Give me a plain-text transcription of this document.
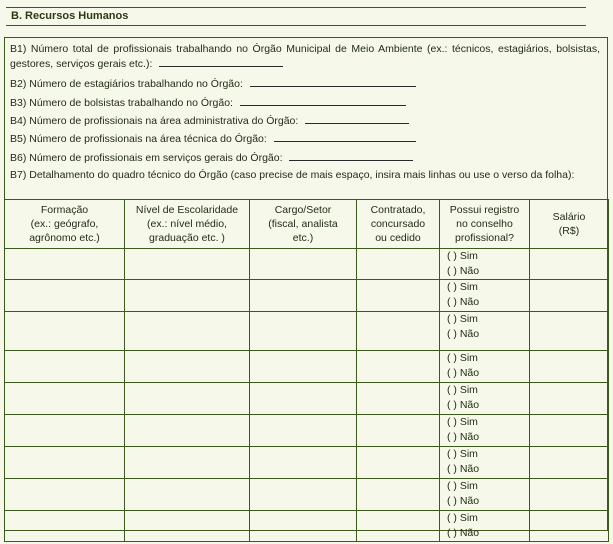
B. Recursos Humanos
B1) Número total de profissionais trabalhando no Órgão Municipal de Meio Ambiente (ex.: técnicos, estagiários, bolsistas, gestores, serviços gerais etc.):
B2) Número de estagiários trabalhando no Órgão:
B3) Número de bolsistas trabalhando no Órgão:
B4) Número de profissionais na área administrativa do Órgão:
B5) Número de profissionais na área técnica do Órgão:
B6) Número de profissionais em serviços gerais do Órgão:
B7) Detalhamento do quadro técnico do Órgão (caso precise de mais espaço, insira mais linhas ou use o verso da folha):
Formação
(ex.: geógrafo,
agrônomo etc.)	Nível de Escolaridade
(ex.: nível médio,
graduação etc. )	Cargo/Setor
(fiscal, analista
etc.)	Contratado,
concursado
ou cedido	Possui registro
no conselho
profissional?	Salário
(R$)

				( ) Sim
( ) Não	

				( ) Sim
( ) Não	

				( ) Sim
( ) Não	

				( ) Sim
( ) Não	

				( ) Sim
( ) Não	

				( ) Sim
( ) Não	

				( ) Sim
( ) Não	

				( ) Sim
( ) Não	

				( ) Sim
( ) Não	
